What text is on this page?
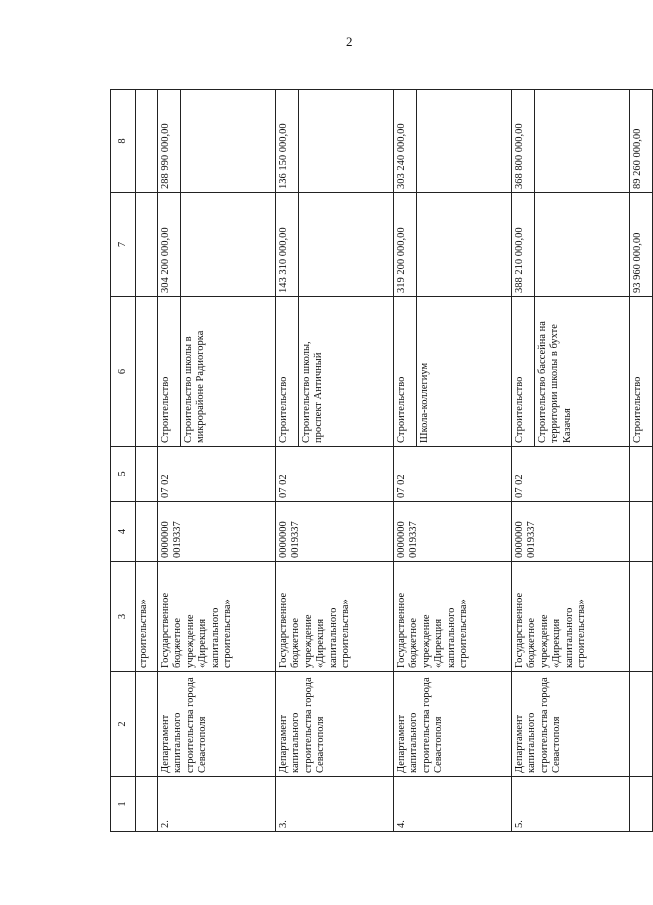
2
1	2	3	4	5	6	7	8
		строительства»					
2.	Департамент капитального строительства города Севастополя	Государственное бюджетное учреждение «Дирекция капитального строительства»	0000000 0019337	07 02	Строительство	304 200 000,00	288 990 000,00
					Строительство школы в микрорайоне Радиогорка		
3.	Департамент капитального строительства города Севастополя	Государственное бюджетное учреждение «Дирекция капитального строительства»	0000000 0019337	07 02	Строительство	143 310 000,00	136 150 000,00
					Строительство школы, проспект Античный		
4.	Департамент капитального строительства города Севастополя	Государственное бюджетное учреждение «Дирекция капитального строительства»	0000000 0019337	07 02	Строительство	319 200 000,00	303 240 000,00
					Школа-коллегиум		
5.	Департамент капитального строительства города Севастополя	Государственное бюджетное учреждение «Дирекция капитального строительства»	0000000 0019337	07 02	Строительство	388 210 000,00	368 800 000,00
					Строительство бассейна на территории школы в бухте Казачья		
					Строительство	93 960 000,00	89 260 000,00
